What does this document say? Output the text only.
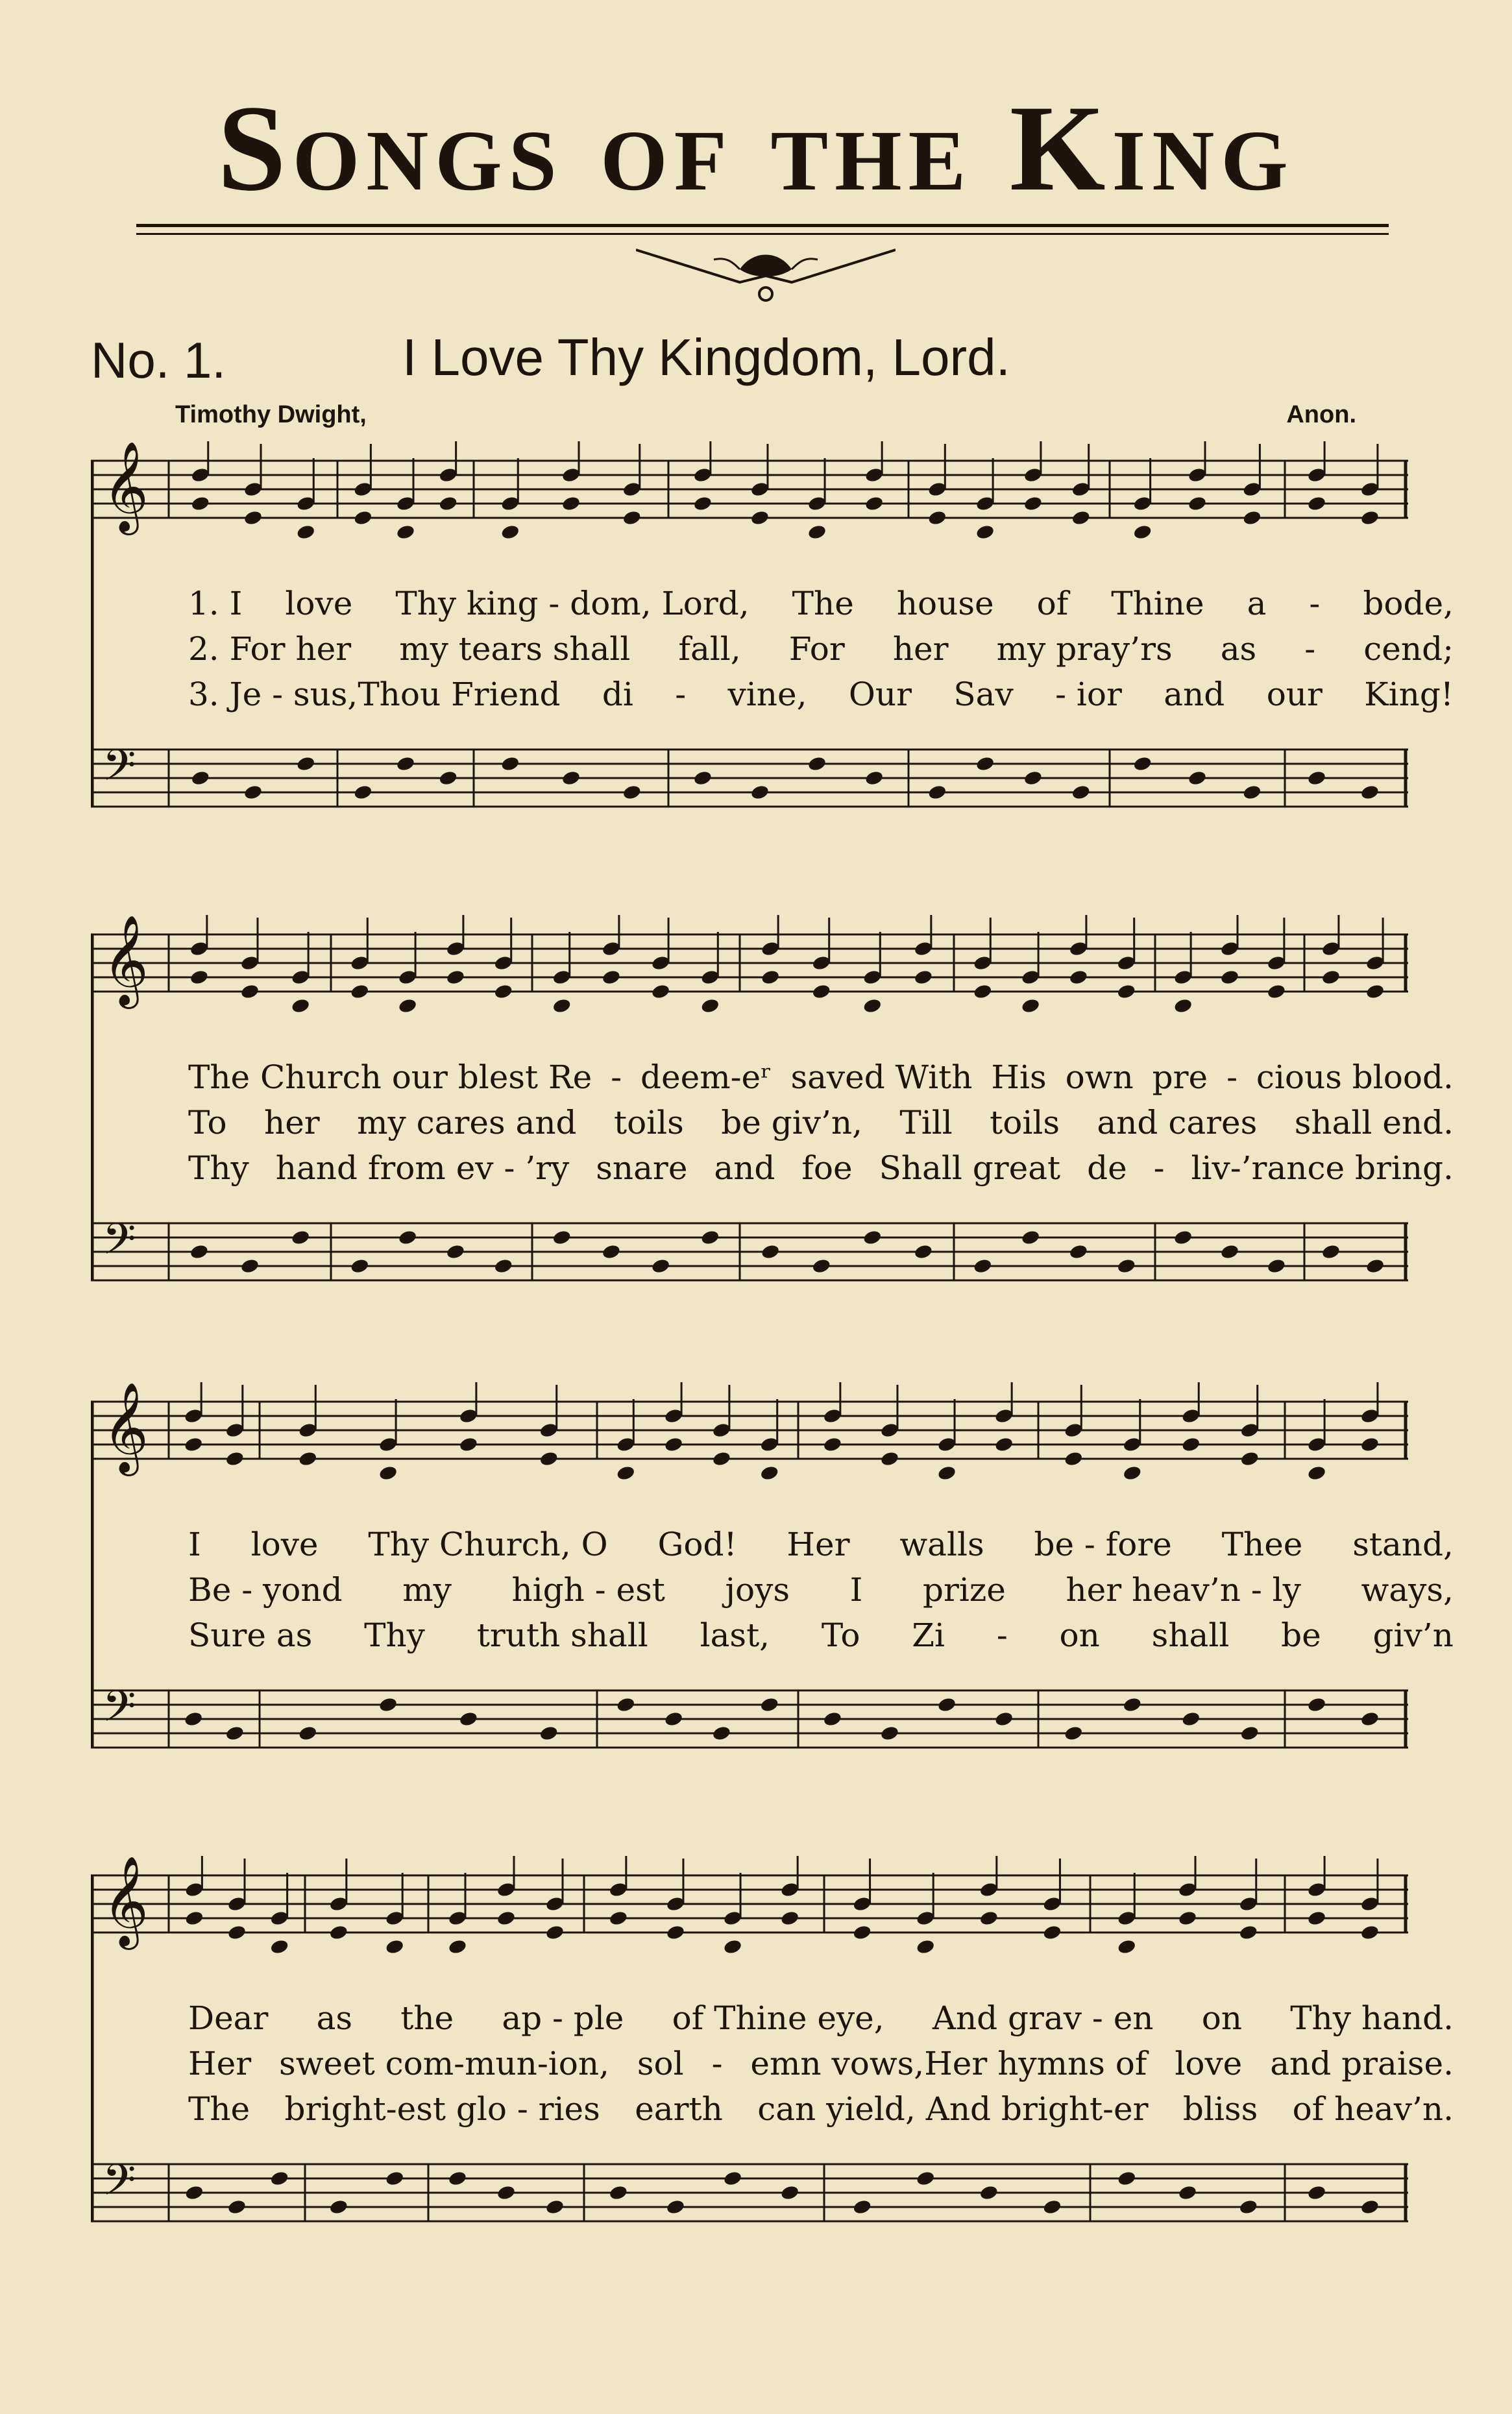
Songs of the King
No. 1.	I Love Thy Kingdom, Lord.
Timothy Dwight,	Anon.
𝄞
𝄢
1. I love Thy king - dom, Lord, The house of Thine a - bode,
2. For her my tears shall fall, For her my pray’rs as - cend;
3. Je - sus,Thou Friend di - vine, Our Sav - ior and our King!
𝄞
𝄢
The Church our blest Re - deem-eʳ saved With His own pre - cious blood.
To her my cares and toils be giv’n, Till toils and cares shall end.
Thy hand from ev - ’ry snare and foe Shall great de - liv-’rance bring.
𝄞
𝄢
I love Thy Church, O God! Her walls be - fore Thee stand,
Be - yond my high - est joys I prize her heav’n - ly ways,
Sure as Thy truth shall last, To Zi - on shall be giv’n
𝄞
𝄢
Dear as the ap - ple of Thine eye, And grav - en on Thy hand.
Her sweet com-mun-ion, sol - emn vows,Her hymns of love and praise.
The bright-est glo - ries earth can yield, And bright-er bliss of heav’n.
